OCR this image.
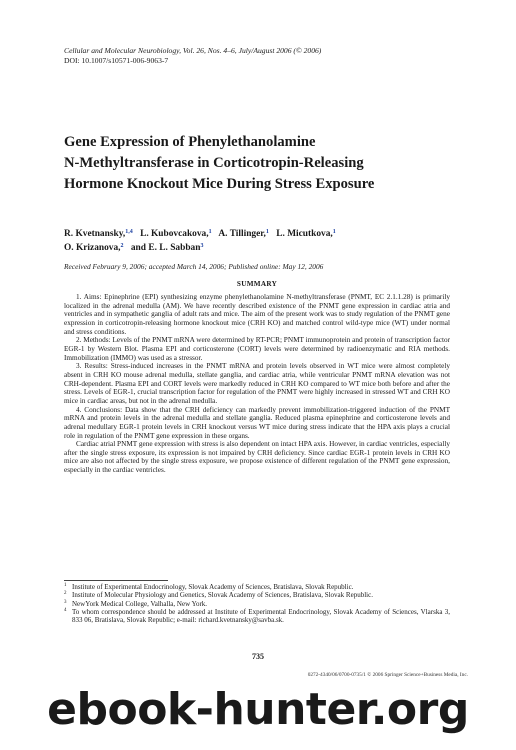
Cellular and Molecular Neurobiology, Vol. 26, Nos. 4–6, July/August 2006 (© 2006)
DOI: 10.1007/s10571-006-9063-7
Gene Expression of Phenylethanolamine
N-Methyltransferase in Corticotropin-Releasing
Hormone Knockout Mice During Stress Exposure
R. Kvetnansky,$^{1,4}$ L. Kubovcakova,$^1$ A. Tillinger,$^1$ L. Micutkova,$^1$
O. Krizanova,$^2$ and E. L. Sabban$^3$
Received February 9, 2006; accepted March 14, 2006; Published online: May 12, 2006
SUMMARY

1. Aims: Epinephrine (EPI) synthesizing enzyme phenylethanolamine N-methyltransferase (PNMT, EC 2.1.1.28) is primarily localized in the adrenal medulla (AM). We have recently described existence of the PNMT gene expression in cardiac atria and ventricles and in sympathetic ganglia of adult rats and mice. The aim of the present work was to study regulation of the PNMT gene expression in corticotropin-releasing hormone knockout mice (CRH KO) and matched control wild-type mice (WT) under normal and stress conditions.

2. Methods: Levels of the PNMT mRNA were determined by RT-PCR; PNMT immunoprotein and protein of transcription factor EGR-1 by Western Blot. Plasma EPI and corticosterone (CORT) levels were determined by radioenzymatic and RIA methods. Immobilization (IMMO) was used as a stressor.

3. Results: Stress-induced increases in the PNMT mRNA and protein levels observed in WT mice were almost completely absent in CRH KO mouse adrenal medulla, stellate ganglia, and cardiac atria, while ventricular PNMT mRNA elevation was not CRH-dependent. Plasma EPI and CORT levels were markedly reduced in CRH KO compared to WT mice both before and after the stress. Levels of EGR-1, crucial transcription factor for regulation of the PNMT were highly increased in stressed WT and CRH KO mice in cardiac areas, but not in the adrenal medulla.

4. Conclusions: Data show that the CRH deficiency can markedly prevent immobilization-triggered induction of the PNMT mRNA and protein levels in the adrenal medulla and stellate ganglia. Reduced plasma epinephrine and corticosterone levels and adrenal medullary EGR-1 protein levels in CRH knockout versus WT mice during stress indicate that the HPA axis plays a crucial role in regulation of the PNMT gene expression in these organs.

Cardiac atrial PNMT gene expression with stress is also dependent on intact HPA axis. However, in cardiac ventricles, especially after the single stress exposure, its expression is not impaired by CRH deficiency. Since cardiac EGR-1 protein levels in CRH KO mice are also not affected by the single stress exposure, we propose existence of different regulation of the PNMT gene expression, especially in the cardiac ventricles.

1 Institute of Experimental Endocrinology, Slovak Academy of Sciences, Bratislava, Slovak Republic.
2 Institute of Molecular Physiology and Genetics, Slovak Academy of Sciences, Bratislava, Slovak Republic.
3 NewYork Medical College, Valhalla, New York.
4 To whom correspondence should be addressed at Institute of Experimental Endocrinology, Slovak Academy of Sciences, Vlarska 3, 833 06, Bratislava, Slovak Republic; e-mail: richard.kvetnansky@savba.sk.
735
0272-4340/06/0700-0735/1 © 2006 Springer Science+Business Media, Inc.
ebook-hunter.org
